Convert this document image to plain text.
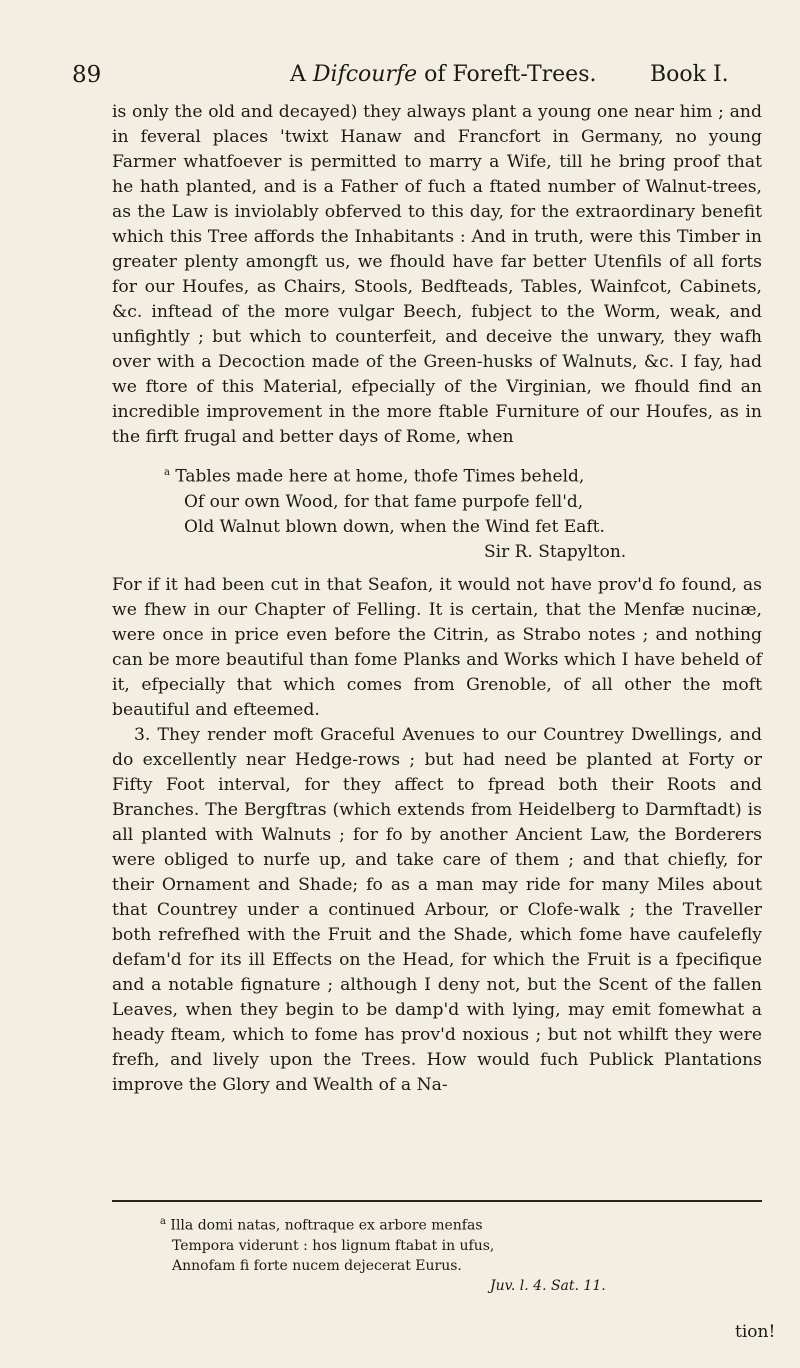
89	A Difcourfe of Foreft-Trees. Book I.

is only the old and decayed) they always plant a young one near him ; and in feveral places 'twixt Hanaw and Francfort in Germany, no young Farmer whatfoever is permitted to marry a Wife, till he bring proof that he hath planted, and is a Father of fuch a ftated number of Walnut-trees, as the Law is inviolably obferved to this day, for the extraordinary benefit which this Tree affords the Inhabitants : And in truth, were this Timber in greater plenty amongft us, we fhould have far better Utenfils of all forts for our Houfes, as Chairs, Stools, Bedfteads, Tables, Wainfcot, Cabinets, &c. inftead of the more vulgar Beech, fubject to the Worm, weak, and unfightly ; but which to counterfeit, and deceive the unwary, they wafh over with a Decoction made of the Green-husks of Walnuts, &c. I fay, had we ftore of this Material, efpecially of the Virginian, we fhould find an incredible improvement in the more ftable Furniture of our Houfes, as in the firft frugal and better days of Rome, when

$^a$ Tables made here at home, thofe Times beheld,
Of our own Wood, for that fame purpofe fell'd,
Old Walnut blown down, when the Wind fet Eaft.
Sir R. Stapylton.

For if it had been cut in that Seafon, it would not have prov'd fo found, as we fhew in our Chapter of Felling. It is certain, that the Menfæ nucinæ, were once in price even before the Citrin, as Strabo notes ; and nothing can be more beautiful than fome Planks and Works which I have beheld of it, efpecially that which comes from Grenoble, of all other the moft beautiful and efteemed.

3. They render moft Graceful Avenues to our Countrey Dwellings, and do excellently near Hedge-rows ; but had need be planted at Forty or Fifty Foot interval, for they affect to fpread both their Roots and Branches. The Bergftras (which extends from Heidelberg to Darmftadt) is all planted with Walnuts ; for fo by another Ancient Law, the Borderers were obliged to nurfe up, and take care of them ; and that chiefly, for their Ornament and Shade; fo as a man may ride for many Miles about that Countrey under a continued Arbour, or Clofe-walk ; the Traveller both refrefhed with the Fruit and the Shade, which fome have caufelefly defam'd for its ill Effects on the Head, for which the Fruit is a fpecifique and a notable fignature ; although I deny not, but the Scent of the fallen Leaves, when they begin to be damp'd with lying, may emit fomewhat a heady fteam, which to fome has prov'd noxious ; but not whilft they were frefh, and lively upon the Trees. How would fuch Publick Plantations improve the Glory and Wealth of a Na-

$^a$ Illa domi natas, noftraque ex arbore menfas
Tempora viderunt : hos lignum ftabat in ufus,
Annofam fi forte nucem dejecerat Eurus.
Juv. l. 4. Sat. 11.
tion!
